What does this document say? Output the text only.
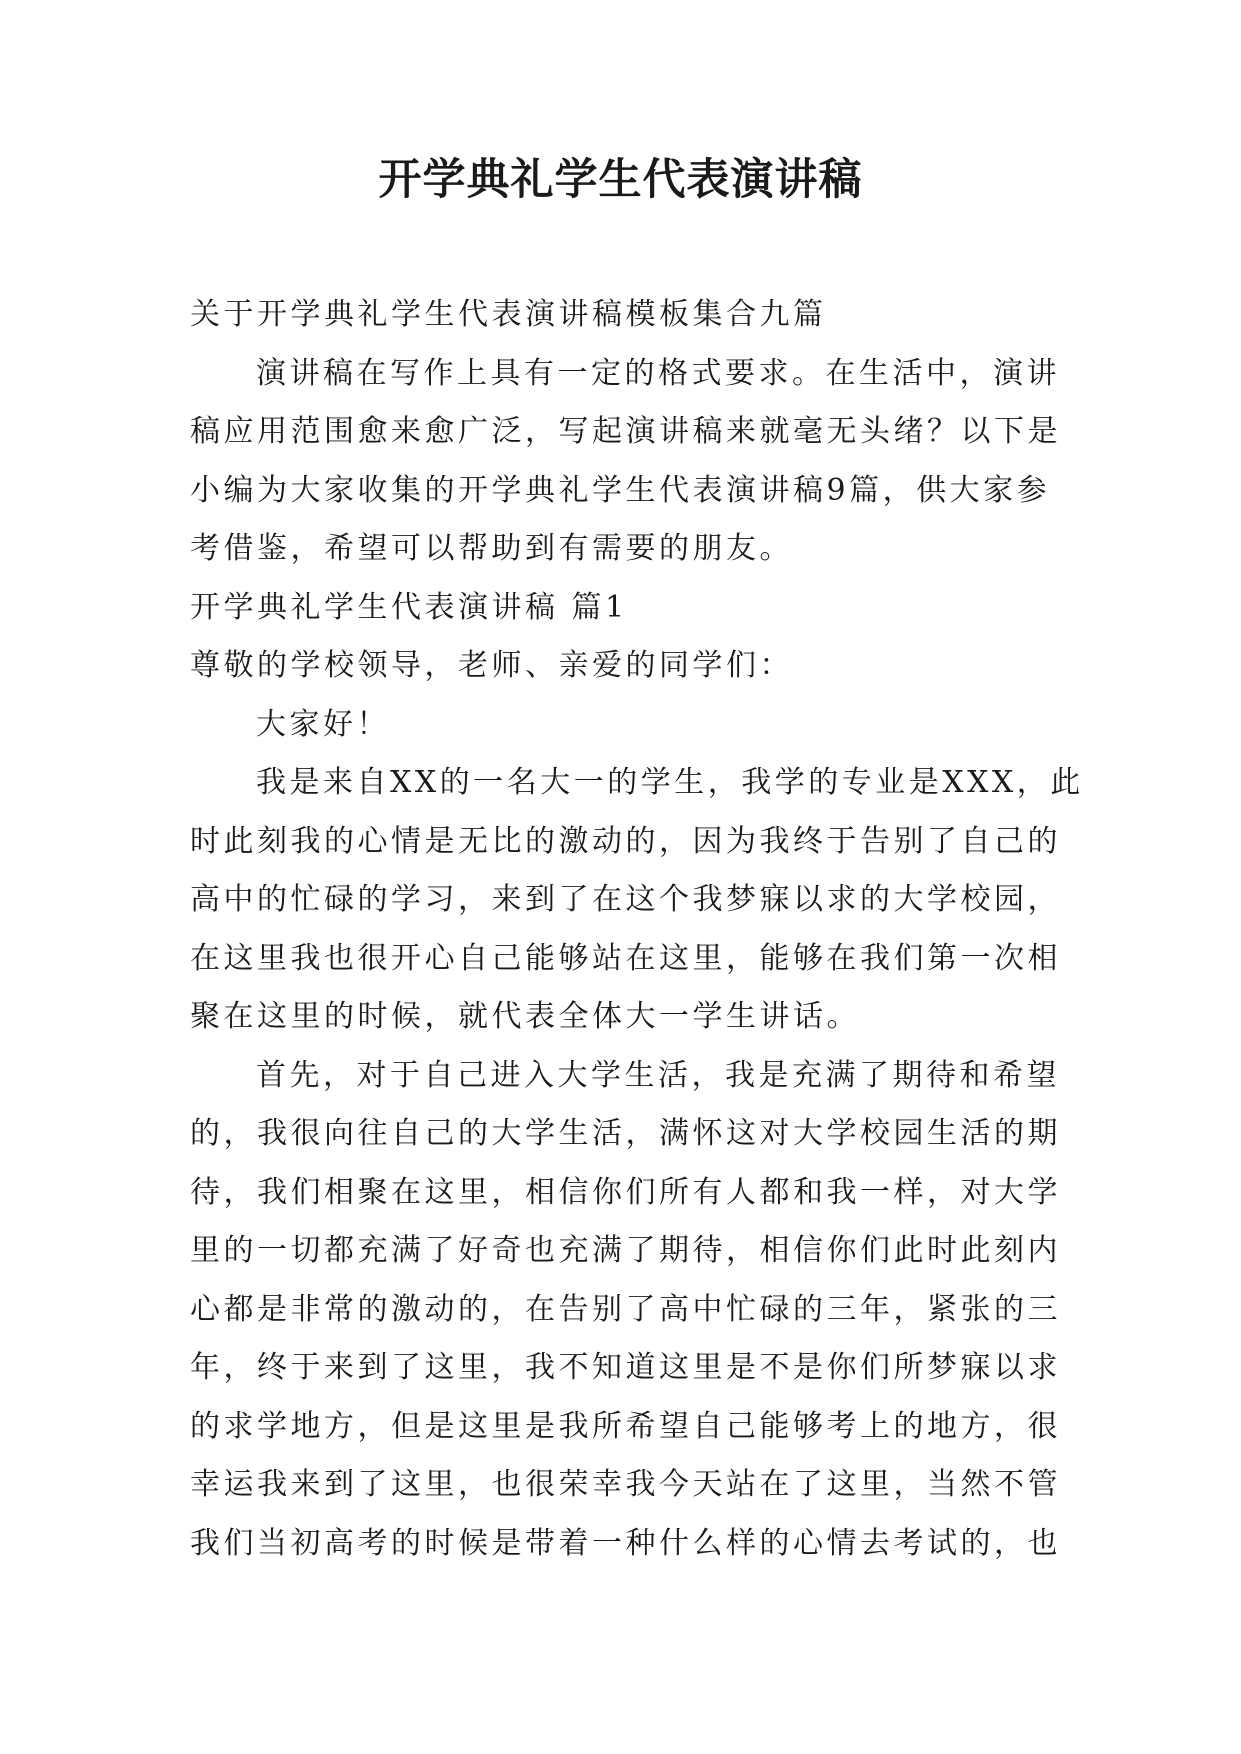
开学典礼学生代表演讲稿

关于开学典礼学生代表演讲稿模板集合九篇

演讲稿在写作上具有一定的格式要求。在生活中，演讲

稿应用范围愈来愈广泛，写起演讲稿来就毫无头绪？以下是

小编为大家收集的开学典礼学生代表演讲稿9篇，供大家参

考借鉴，希望可以帮助到有需要的朋友。

开学典礼学生代表演讲稿 篇1

尊敬的学校领导，老师、亲爱的同学们：

大家好！

我是来自XX的一名大一的学生，我学的专业是XXX，此

时此刻我的心情是无比的激动的，因为我终于告别了自己的

高中的忙碌的学习，来到了在这个我梦寐以求的大学校园，

在这里我也很开心自己能够站在这里，能够在我们第一次相

聚在这里的时候，就代表全体大一学生讲话。

首先，对于自己进入大学生活，我是充满了期待和希望

的，我很向往自己的大学生活，满怀这对大学校园生活的期

待，我们相聚在这里，相信你们所有人都和我一样，对大学

里的一切都充满了好奇也充满了期待，相信你们此时此刻内

心都是非常的激动的，在告别了高中忙碌的三年，紧张的三

年，终于来到了这里，我不知道这里是不是你们所梦寐以求

的求学地方，但是这里是我所希望自己能够考上的地方，很

幸运我来到了这里，也很荣幸我今天站在了这里，当然不管

我们当初高考的时候是带着一种什么样的心情去考试的，也
